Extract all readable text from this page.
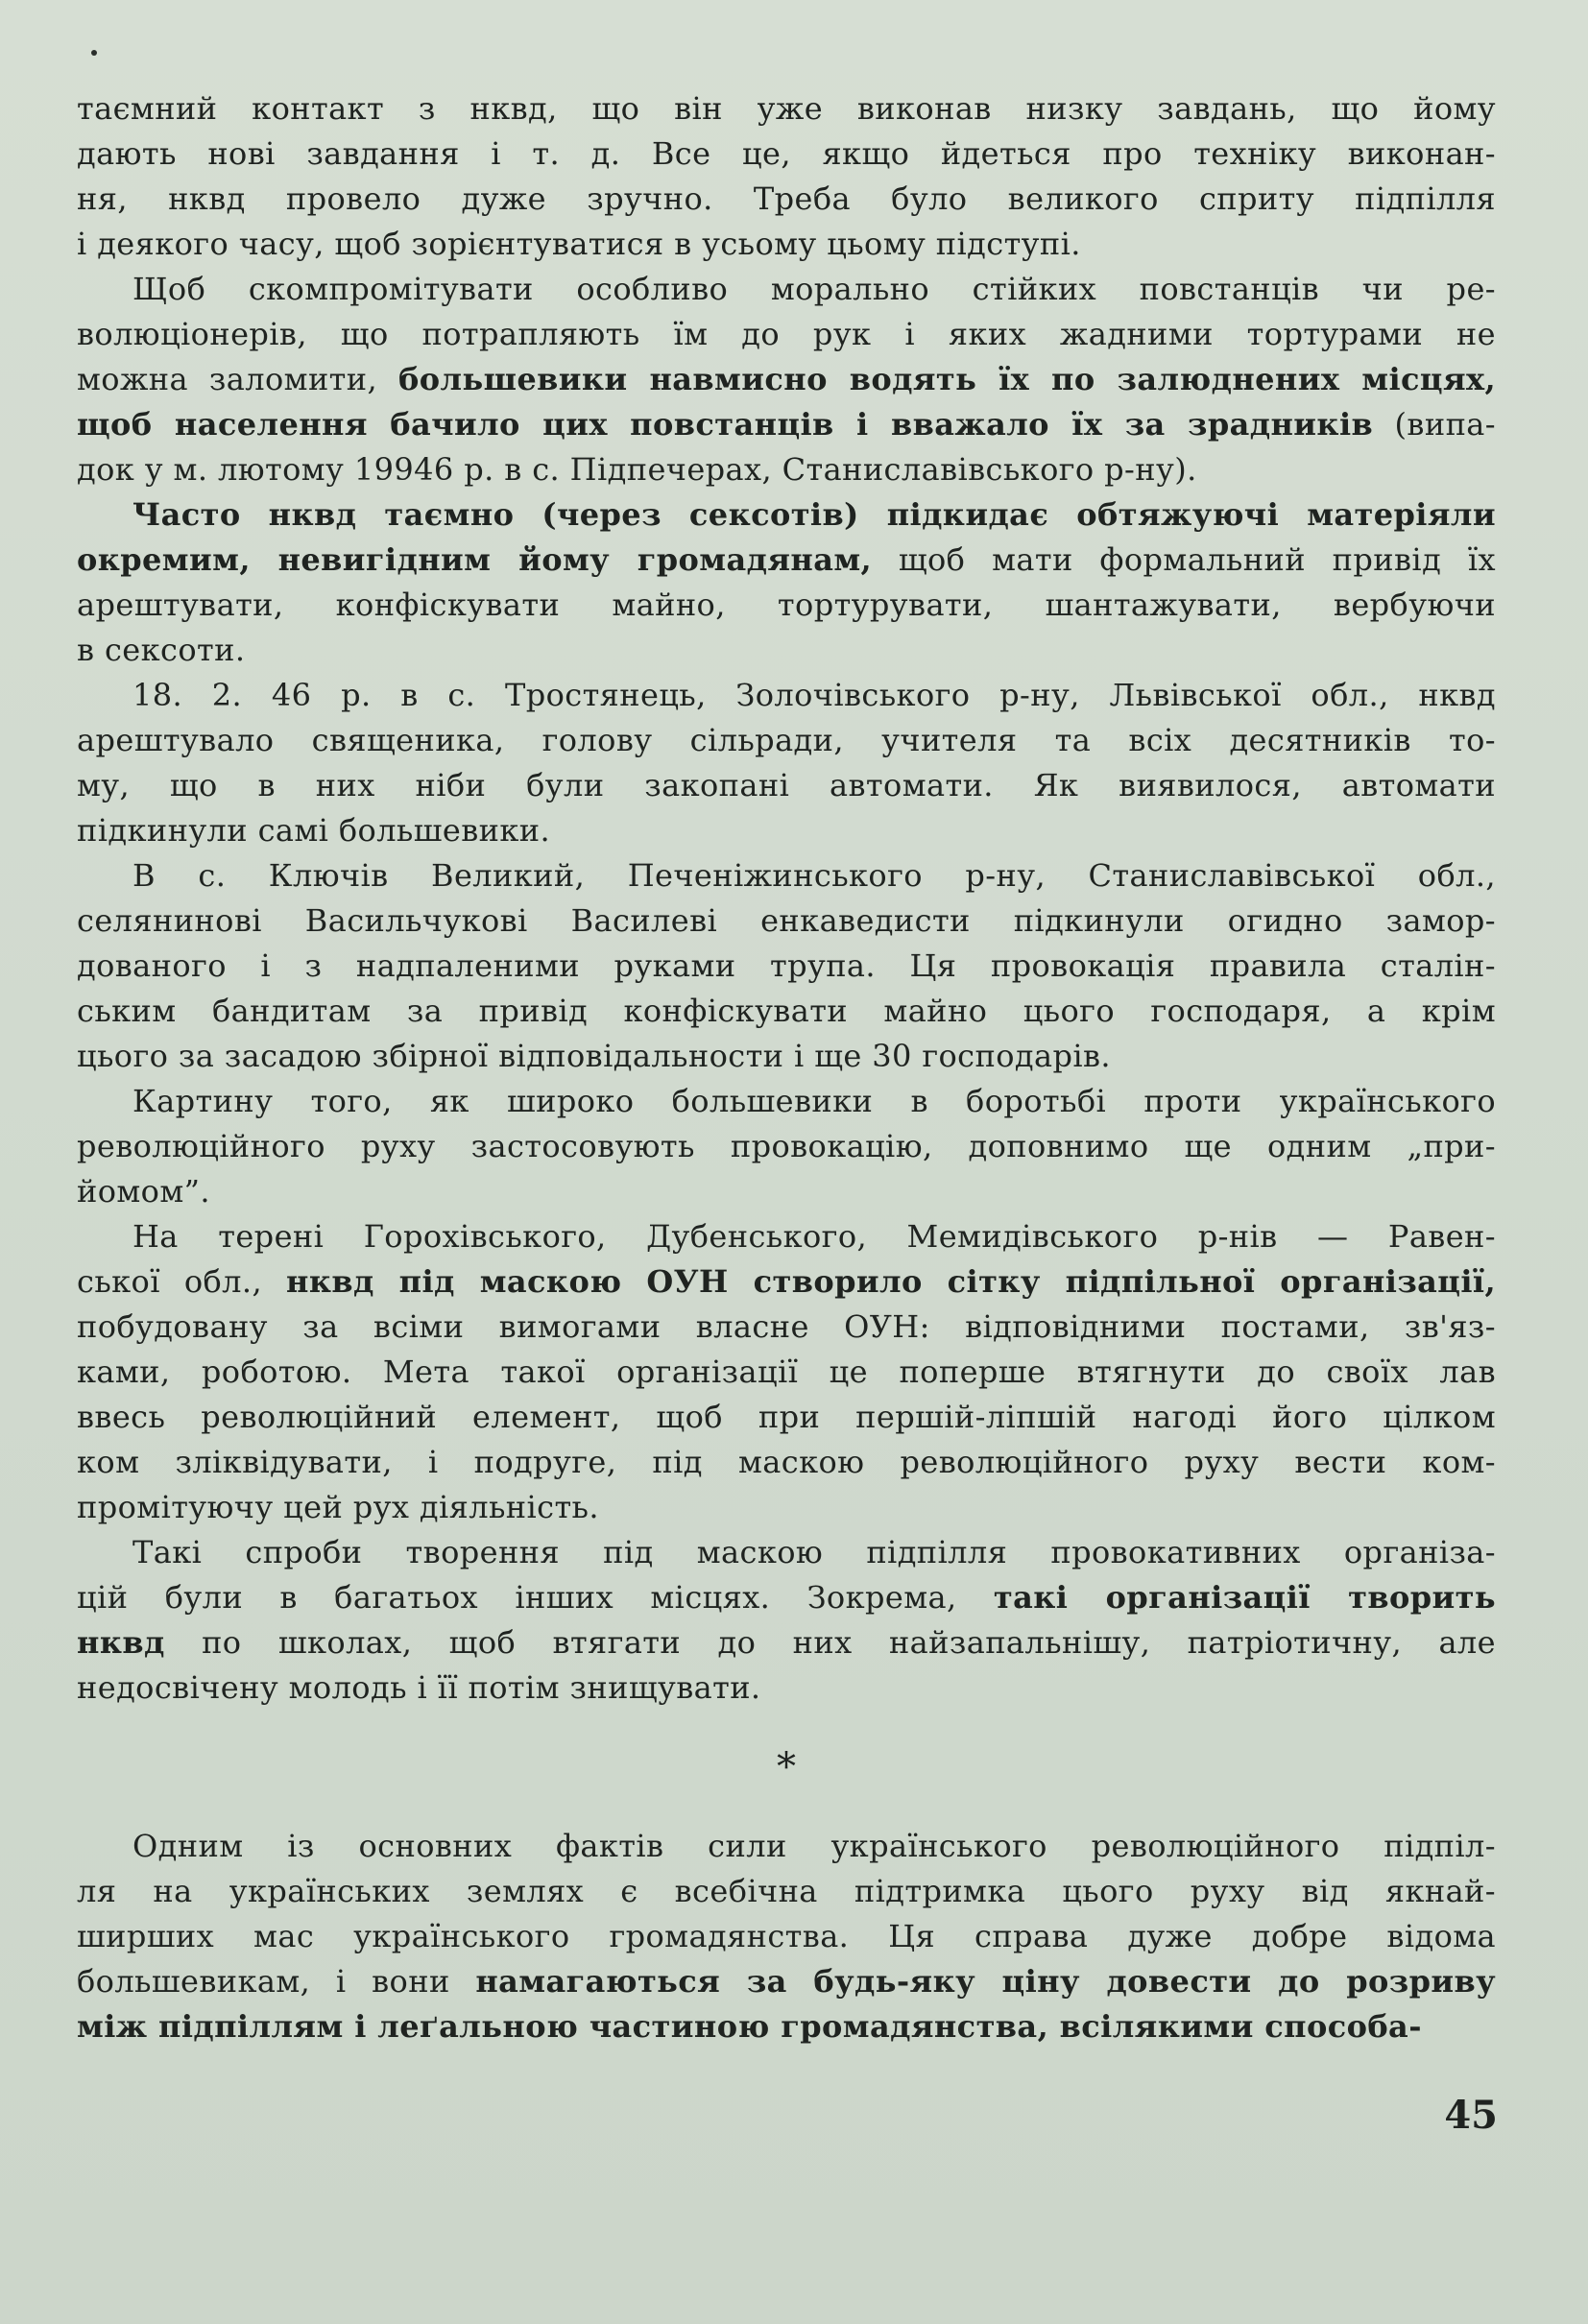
таємний контакт з нквд, що він уже виконав низку завдань, що йому
дають нові завдання і т. д. Все це, якщо йдеться про техніку виконан-
ня, нквд провело дуже зручно. Треба було великого сприту підпілля
і деякого часу, щоб зорієнтуватися в усьому цьому підступі.
Щоб скомпромітувати особливо морально стійких повстанців чи ре-
волюціонерів, що потрапляють їм до рук і яких жадними тортурами не
можна заломити, большевики навмисно водять їх по залюднених місцях,
щоб населення бачило цих повстанців і вважало їх за зрадників (випа-
док у м. лютому 19946 р. в с. Підпечерах, Станиславівського р-ну).
Часто нквд таємно (через сексотів) підкидає обтяжуючі матеріяли
окремим, невигідним йому громадянам, щоб мати формальний привід їх
арештувати, конфіскувати майно, тортурувати, шантажувати, вербуючи
в сексоти.
18. 2. 46 р. в с. Тростянець, Золочівського р-ну, Львівської обл., нквд
арештувало священика, голову сільради, учителя та всіх десятників то-
му, що в них ніби були закопані автомати. Як виявилося, автомати
підкинули самі большевики.
В с. Ключів Великий, Печеніжинського р-ну, Станиславівської обл.,
селянинові Васильчукові Василеві енкаведисти підкинули огидно замор-
дованого і з надпаленими руками трупа. Ця провокація правила сталін-
ським бандитам за привід конфіскувати майно цього господаря, а крім
цього за засадою збірної відповідальности і ще 30 господарів.
Картину того, як широко большевики в боротьбі проти українського
революційного руху застосовують провокацію, доповнимо ще одним „при-
йомом”.
На терені Горохівського, Дубенського, Мемидівського р-нів — Равен-
ської обл., нквд під маскою ОУН створило сітку підпільної організації,
побудовану за всіми вимогами власне ОУН: відповідними постами, зв'яз-
ками, роботою. Мета такої організації це поперше втягнути до своїх лав
ввесь революційний елемент, щоб при першій-ліпшій нагоді його цілком
ком зліквідувати, і подруге, під маскою революційного руху вести ком-
промітуючу цей рух діяльність.
Такі спроби творення під маскою підпілля провокативних організа-
цій були в багатьох інших місцях. Зокрема, такі організації творить
нквд по школах, щоб втягати до них найзапальнішу, патріотичну, але
недосвічену молодь і її потім знищувати.
*
Одним із основних фактів сили українського революційного підпіл-
ля на українських землях є всебічна підтримка цього руху від якнай-
ширших мас українського громадянства. Ця справа дуже добре відома
большевикам, і вони намагаються за будь-яку ціну довести до розриву
між підпіллям і леґальною частиною громадянства, всілякими способа-
45
